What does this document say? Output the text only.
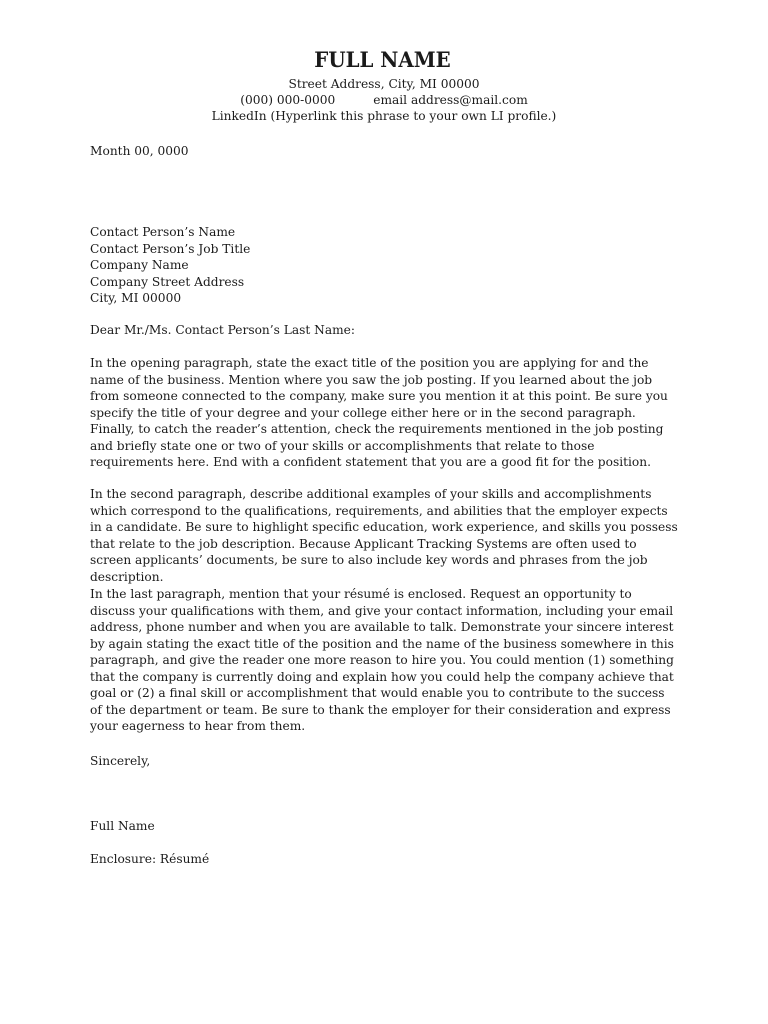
FULL NAME
Street Address, City, MI 00000
(000) 000-0000	email address@mail.com
LinkedIn (Hyperlink this phrase to your own LI profile.)
Month 00, 0000
Contact Person’s Name
Contact Person’s Job Title
Company Name
Company Street Address
City, MI 00000
Dear Mr./Ms. Contact Person’s Last Name:

In the opening paragraph, state the exact title of the position you are applying for and the name of the business. Mention where you saw the job posting. If you learned about the job from someone connected to the company, make sure you mention it at this point. Be sure you specify the title of your degree and your college either here or in the second paragraph. Finally, to catch the reader’s attention, check the requirements mentioned in the job posting and briefly state one or two of your skills or accomplishments that relate to those requirements here. End with a confident statement that you are a good fit for the position.

In the second paragraph, describe additional examples of your skills and accomplishments which correspond to the qualifications, requirements, and abilities that the employer expects in a candidate. Be sure to highlight specific education, work experience, and skills you possess that relate to the job description. Because Applicant Tracking Systems are often used to screen applicants’ documents, be sure to also include key words and phrases from the job description.

In the last paragraph, mention that your résumé is enclosed. Request an opportunity to discuss your qualifications with them, and give your contact information, including your email address, phone number and when you are available to talk. Demonstrate your sincere interest by again stating the exact title of the position and the name of the business somewhere in this paragraph, and give the reader one more reason to hire you. You could mention (1) something that the company is currently doing and explain how you could help the company achieve that goal or (2) a final skill or accomplishment that would enable you to contribute to the success of the department or team. Be sure to thank the employer for their consideration and express your eagerness to hear from them.

Sincerely,
Full Name
Enclosure: Résumé
